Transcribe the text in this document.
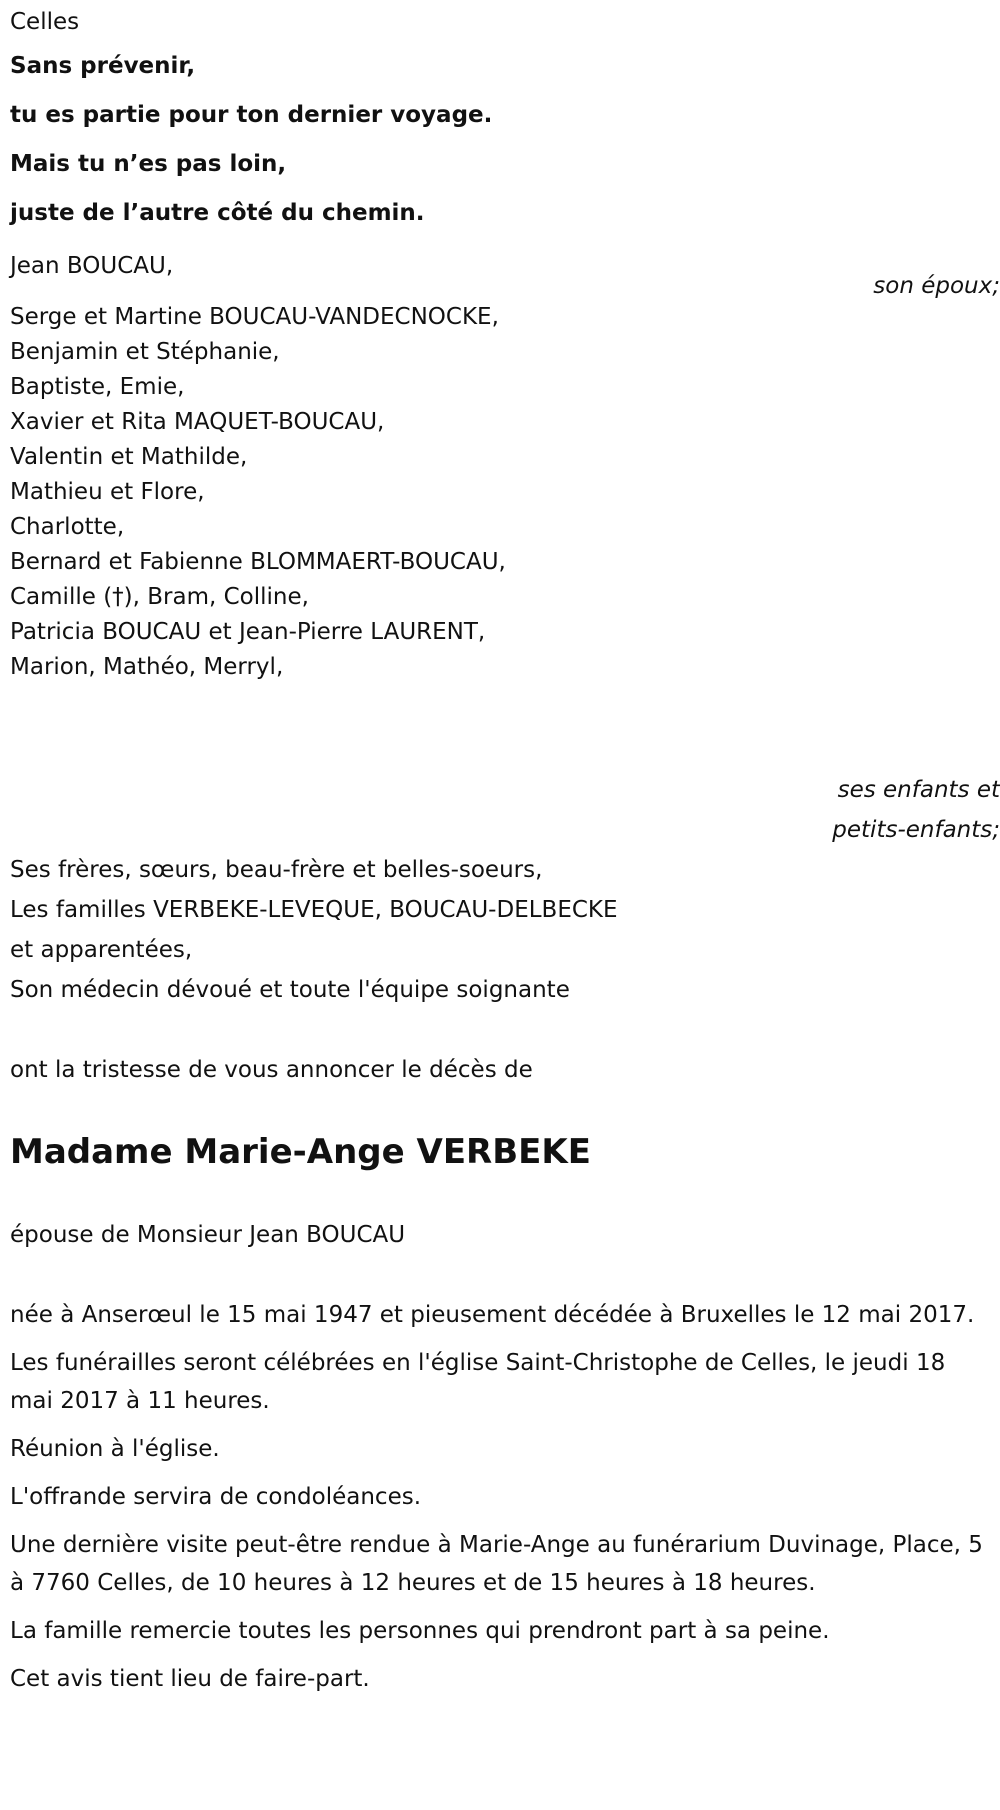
Celles
Sans prévenir,
tu es partie pour ton dernier voyage.
Mais tu n’es pas loin,
juste de l’autre côté du chemin.
Jean BOUCAU,
son époux;
Serge et Martine BOUCAU-VANDECNOCKE,
Benjamin et Stéphanie,
Baptiste, Emie,
Xavier et Rita MAQUET-BOUCAU,
Valentin et Mathilde,
Mathieu et Flore,
Charlotte,
Bernard et Fabienne BLOMMAERT-BOUCAU,
Camille (†), Bram, Colline,
Patricia BOUCAU et Jean-Pierre LAURENT,
Marion, Mathéo, Merryl,
ses enfants et
petits-enfants;
Ses frères, sœurs, beau-frère et belles-soeurs,
Les familles VERBEKE-LEVEQUE, BOUCAU-DELBECKE
et apparentées,
Son médecin dévoué et toute l'équipe soignante
ont la tristesse de vous annoncer le décès de
Madame Marie-Ange VERBEKE
épouse de Monsieur Jean BOUCAU

née à Anserœul le 15 mai 1947 et pieusement décédée à Bruxelles le 12 mai 2017.

Les funérailles seront célébrées en l'église Saint-Christophe de Celles, le jeudi 18 mai 2017 à 11 heures.

Réunion à l'église.

L'offrande servira de condoléances.

Une dernière visite peut-être rendue à Marie-Ange au funérarium Duvinage, Place, 5 à 7760 Celles, de 10 heures à 12 heures et de 15 heures à 18 heures.

La famille remercie toutes les personnes qui prendront part à sa peine.

Cet avis tient lieu de faire-part.
